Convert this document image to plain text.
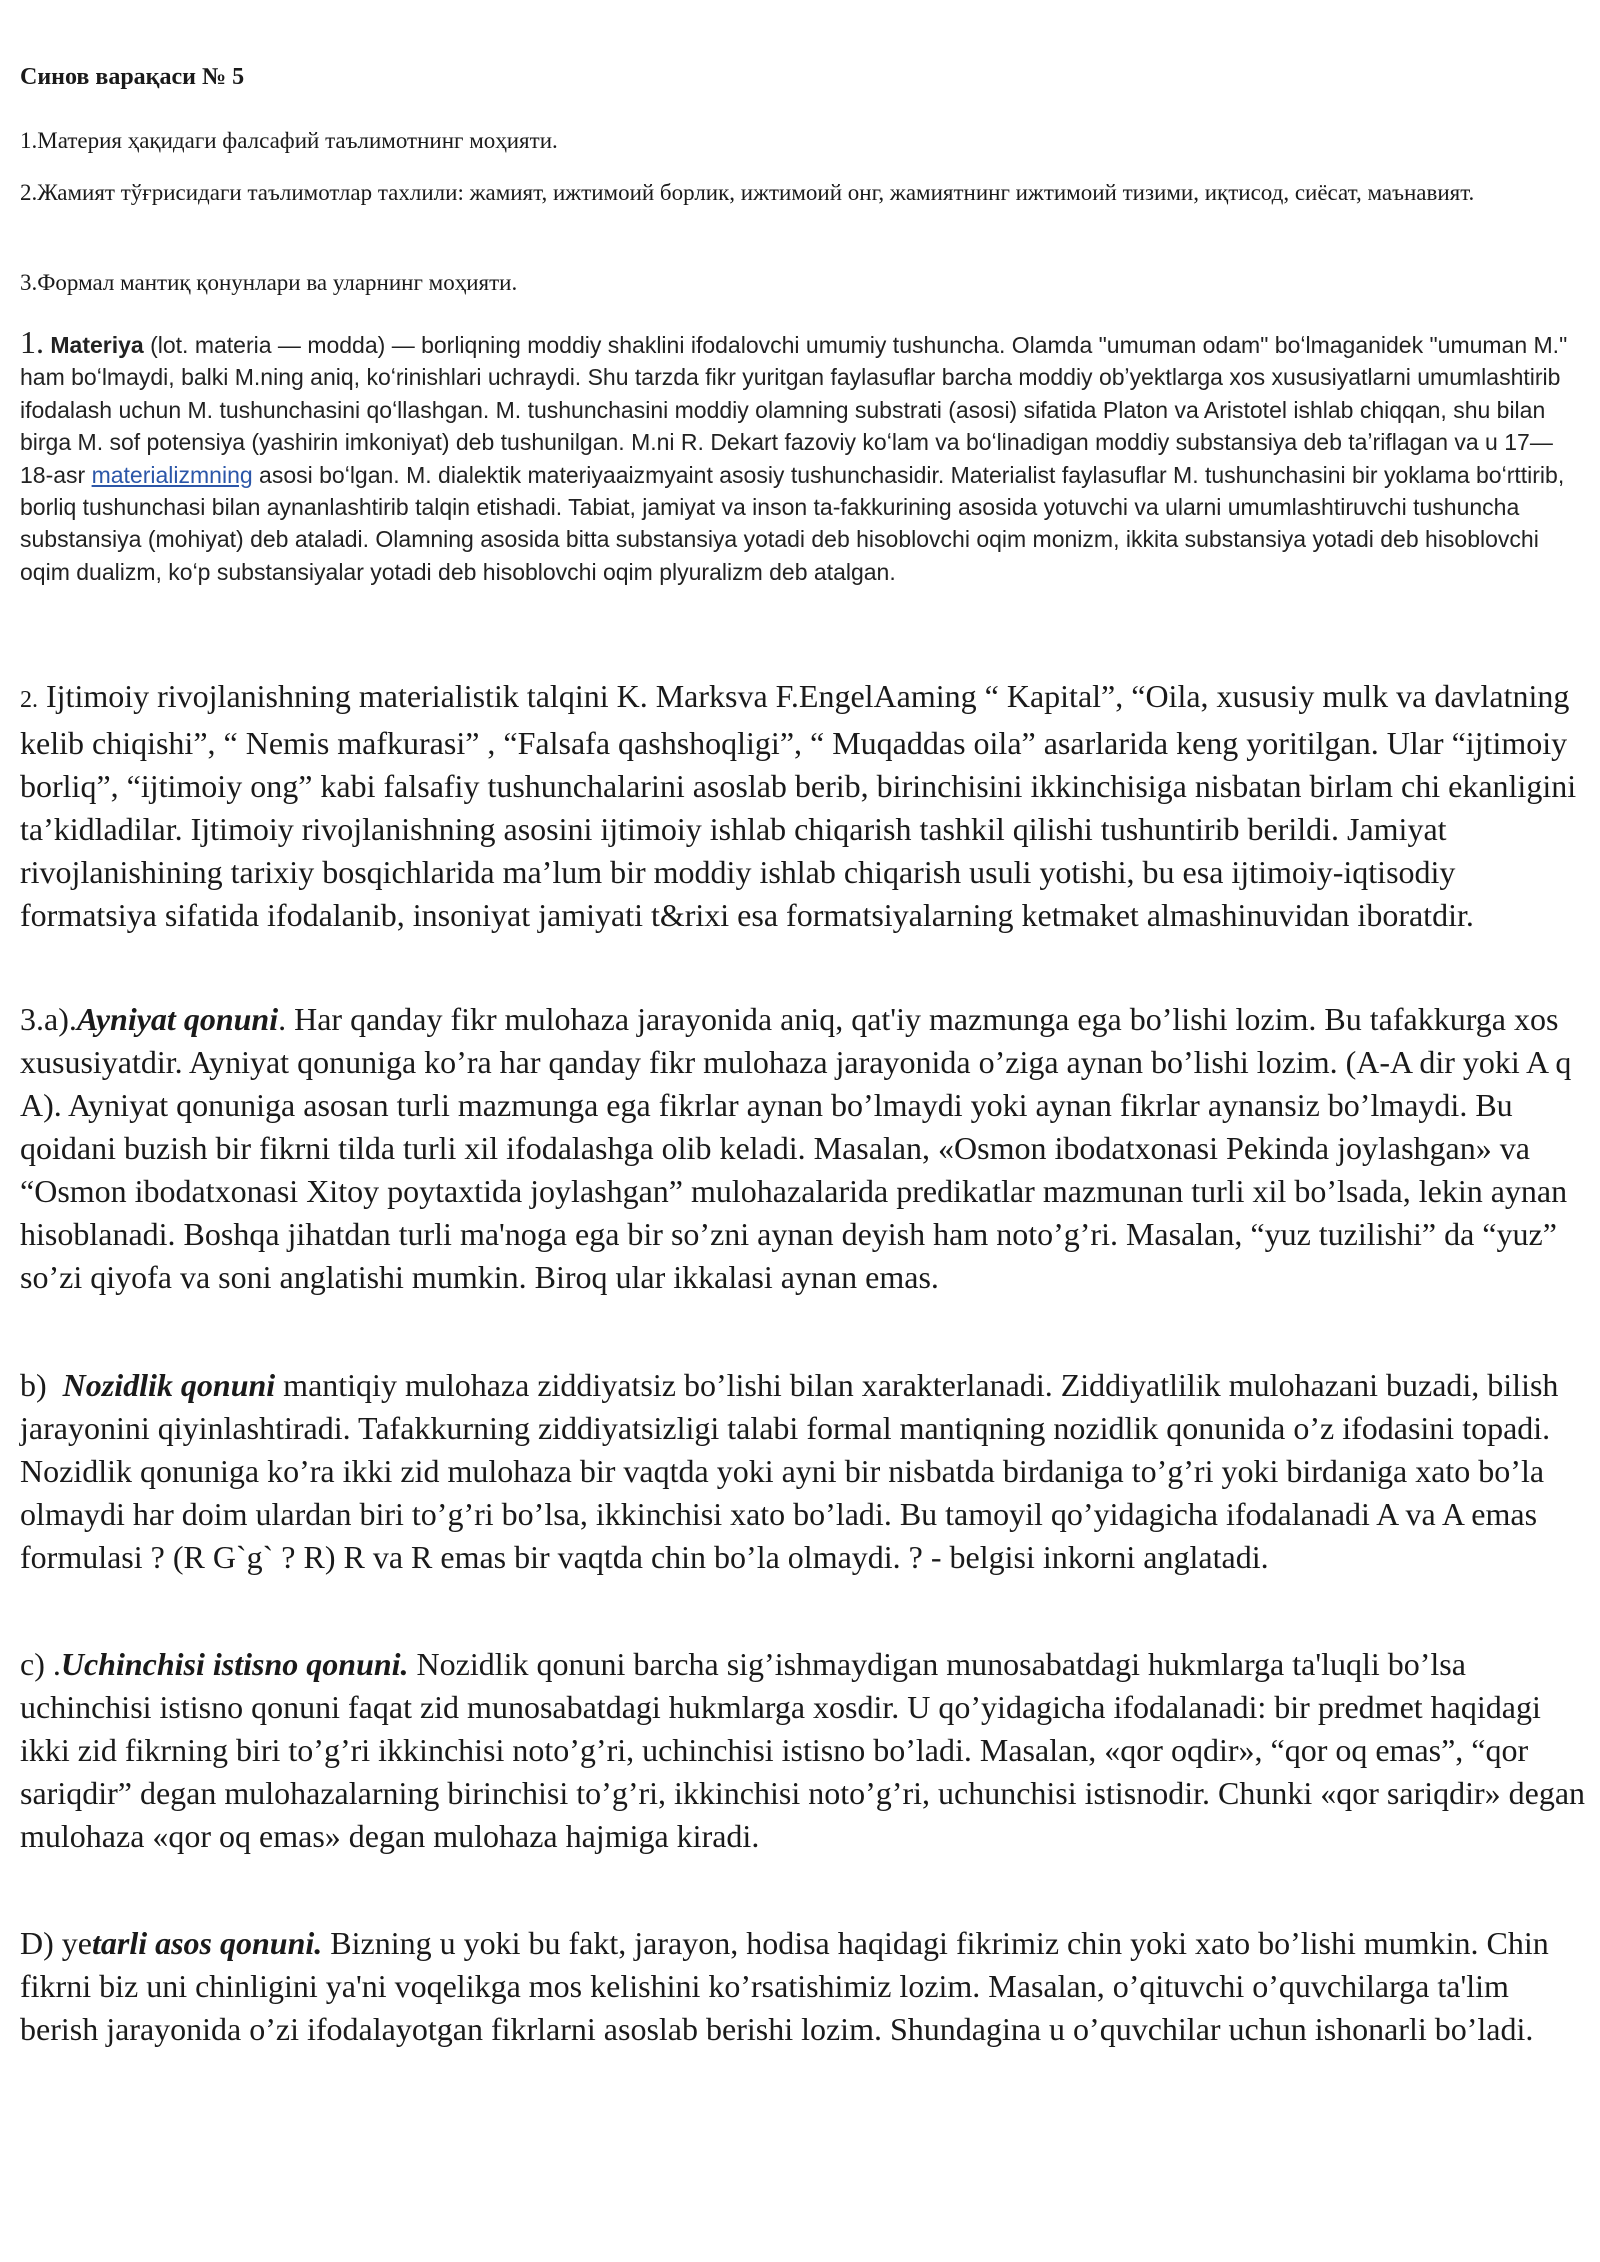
Синов варақаси № 5
1.Материя ҳақидаги фалсафий таълимотнинг моҳияти.
2.Жамият тўғрисидаги таълимотлар тахлили: жамият, ижтимоий борлик, ижтимоий онг, жамиятнинг ижтимоий тизими, иқтисод, сиёсат, маънавият.
3.Формал мантиқ қонунлари ва уларнинг моҳияти.
1. Materiya (lot. materia — modda) — borliqning moddiy shaklini ifodalovchi umumiy tushuncha. Olamda "umuman odam" boʻlmaganidek "umuman M." ham boʻlmaydi, balki M.ning aniq, koʻrinishlari uchraydi. Shu tarzda fikr yuritgan faylasuflar barcha moddiy obʼyektlarga xos xususiyatlarni umumlashtirib ifodalash uchun M. tushunchasini qoʻllashgan. M. tushunchasini moddiy olamning substrati (asosi) sifatida Platon va Aristotel ishlab chiqqan, shu bilan birga M. sof potensiya (yashirin imkoniyat) deb tushunilgan. M.ni R. Dekart fazoviy koʻlam va boʻlinadigan moddiy substansiya deb taʼriflagan va u 17— 18-asr materializmning asosi boʻlgan. M. dialektik materiyaaizmyaint asosiy tushunchasidir. Materialist faylasuflar M. tushunchasini bir yoklama boʻrttirib, borliq tushunchasi bilan aynanlashtirib talqin etishadi. Tabiat, jamiyat va inson ta-fakkurining asosida yotuvchi va ularni umumlashtiruvchi tushuncha substansiya (mohiyat) deb ataladi. Olamning asosida bitta substansiya yotadi deb hisoblovchi oqim monizm, ikkita substansiya yotadi deb hisoblovchi oqim dualizm, koʻp substansiyalar yotadi deb hisoblovchi oqim plyuralizm deb atalgan.
2. Ijtimoiy rivojlanishning materialistik talqini K. Marksva F.EngelAaming “ Kapital”, “Oila, xususiy mulk va davlatning kelib chiqishi”, “ Nemis mafkurasi” , “Falsafa qashshoqligi”, “ Muqaddas oila” asarlarida keng yoritilgan. Ular “ijtimoiy borliq”, “ijtimoiy ong” kabi falsafiy tushunchalarini asoslab berib, birinchisini ikkinchisiga nisbatan birlam chi ekanligini ta’kidladilar. Ijtimoiy rivojlanishning asosini ijtimoiy ishlab chiqarish tashkil qilishi tushuntirib berildi. Jamiyat rivojlanishining tarixiy bosqichlarida ma’lum bir moddiy ishlab chiqarish usuli yotishi, bu esa ijtimoiy-iqtisodiy formatsiya sifatida ifodalanib, insoniyat jamiyati t&rixi esa formatsiyalarning ketmaket almashinuvidan iboratdir.
3.a).Ayniyat qonuni. Har qanday fikr mulohaza jarayonida aniq, qat'iy mazmunga ega bo’lishi lozim. Bu tafakkurga xos xususiyatdir. Ayniyat qonuniga ko’ra har qanday fikr mulohaza jarayonida o’ziga aynan bo’lishi lozim. (A-A dir yoki A q A). Ayniyat qonuniga asosan turli mazmunga ega fikrlar aynan bo’lmaydi yoki aynan fikrlar aynansiz bo’lmaydi. Bu qoidani buzish bir fikrni tilda turli xil ifodalashga olib keladi. Masalan, «Osmon ibodatxonasi Pekinda joylashgan» va “Osmon ibodatxonasi Xitoy poytaxtida joylashgan” mulohazalarida predikatlar mazmunan turli xil bo’lsada, lekin aynan hisoblanadi. Boshqa jihatdan turli ma'noga ega bir so’zni aynan deyish ham noto’g’ri. Masalan, “yuz tuzilishi” da “yuz” so’zi qiyofa va soni anglatishi mumkin. Biroq ular ikkalasi aynan emas.
b)  Nozidlik qonuni mantiqiy mulohaza ziddiyatsiz bo’lishi bilan xarakterlanadi. Ziddiyatlilik mulohazani buzadi, bilish jarayonini qiyinlashtiradi. Tafakkurning ziddiyatsizligi talabi formal mantiqning nozidlik qonunida o’z ifodasini topadi. Nozidlik qonuniga ko’ra ikki zid mulohaza bir vaqtda yoki ayni bir nisbatda birdaniga to’g’ri yoki birdaniga xato bo’la olmaydi har doim ulardan biri to’g’ri bo’lsa, ikkinchisi xato bo’ladi. Bu tamoyil qo’yidagicha ifodalanadi A va A emas formulasi ? (R G`g` ? R) R va R emas bir vaqtda chin bo’la olmaydi. ? - belgisi inkorni anglatadi.
c) .Uchinchisi istisno qonuni. Nozidlik qonuni barcha sig’ishmaydigan munosabatdagi hukmlarga ta'luqli bo’lsa uchinchisi istisno qonuni faqat zid munosabatdagi hukmlarga xosdir. U qo’yidagicha ifodalanadi: bir predmet haqidagi ikki zid fikrning biri to’g’ri ikkinchisi noto’g’ri, uchinchisi istisno bo’ladi. Masalan, «qor oqdir», “qor oq emas”, “qor sariqdir” degan mulohazalarning birinchisi to’g’ri, ikkinchisi noto’g’ri, uchunchisi istisnodir. Chunki «qor sariqdir» degan mulohaza «qor oq emas» degan mulohaza hajmiga kiradi.
D) yetarli asos qonuni. Bizning u yoki bu fakt, jarayon, hodisa haqidagi fikrimiz chin yoki xato bo’lishi mumkin. Chin fikrni biz uni chinligini ya'ni voqelikga mos kelishini ko’rsatishimiz lozim. Masalan, o’qituvchi o’quvchilarga ta'lim berish jarayonida o’zi ifodalayotgan fikrlarni asoslab berishi lozim. Shundagina u o’quvchilar uchun ishonarli bo’ladi.
